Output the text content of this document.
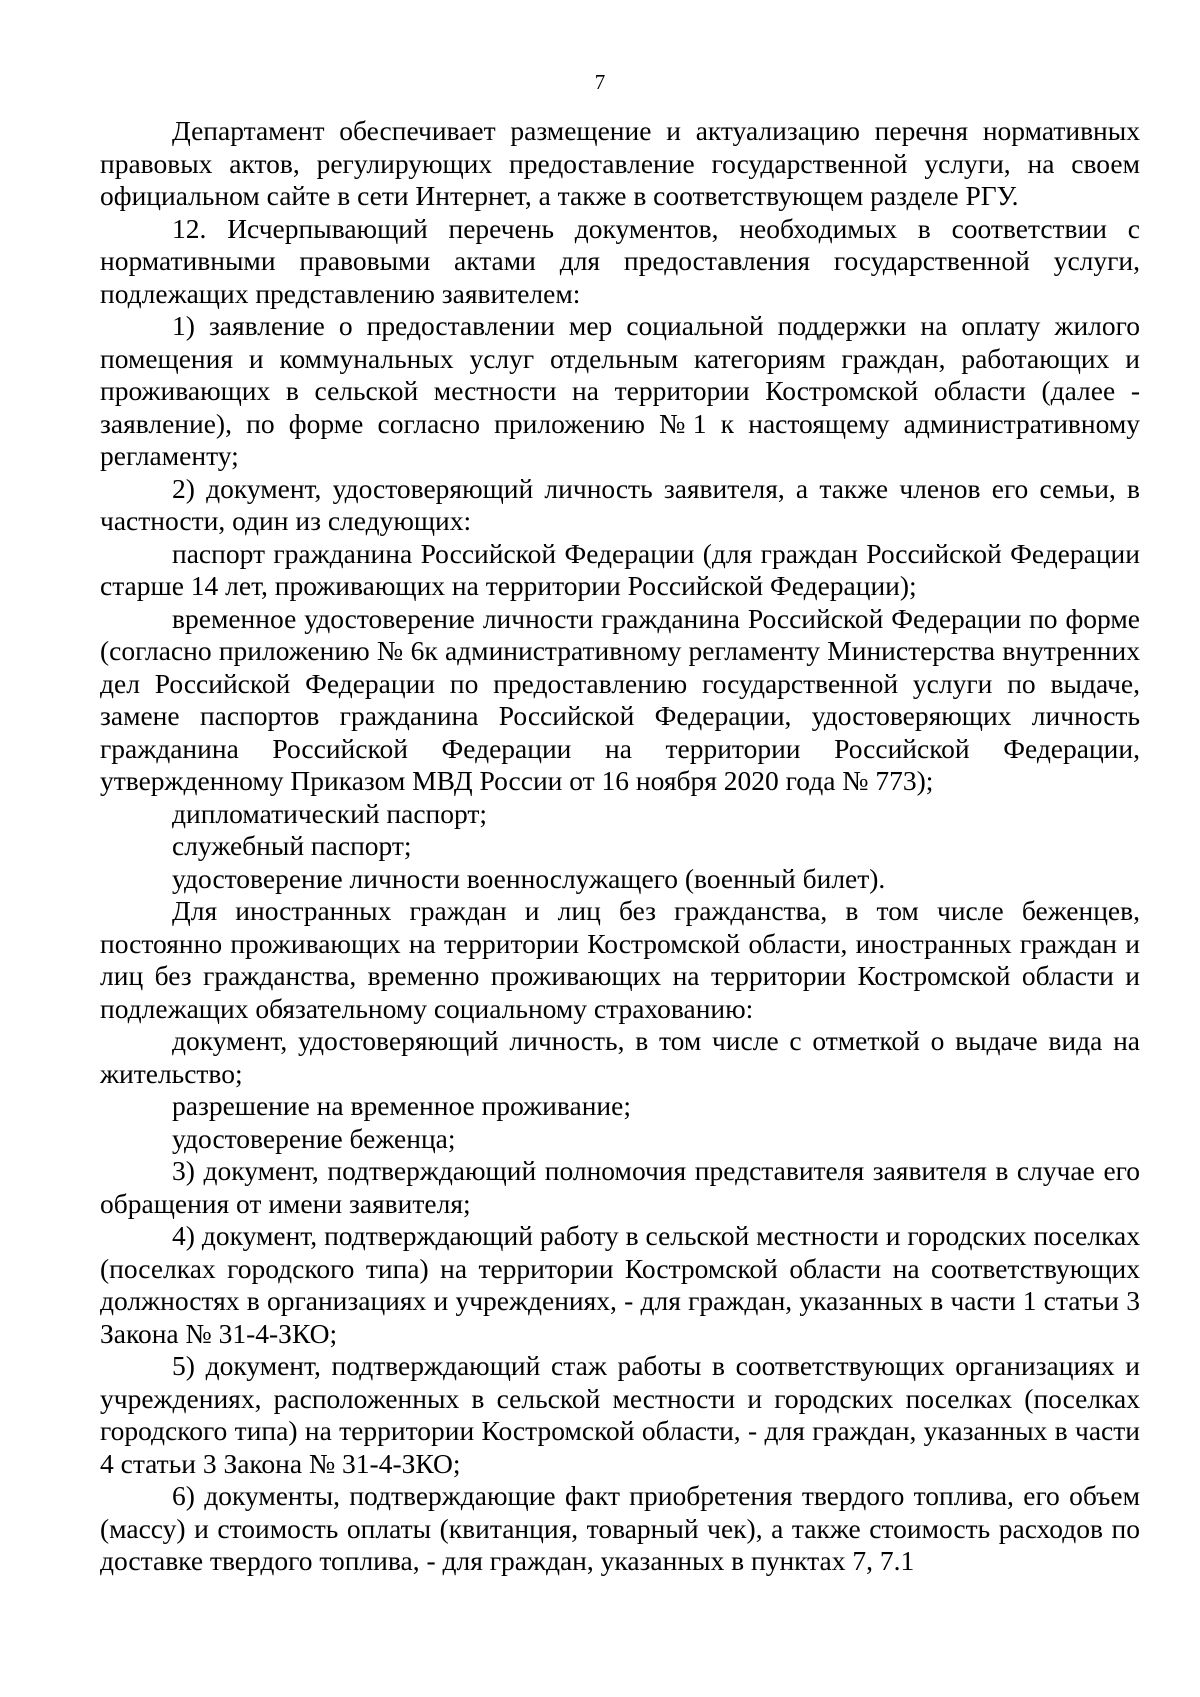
7

Департамент обеспечивает размещение и актуализацию перечня нормативных правовых актов, регулирующих предоставление государственной услуги, на своем официальном сайте в сети Интернет, а также в соответствующем разделе РГУ.

12. Исчерпывающий перечень документов, необходимых в соответствии с нормативными правовыми актами для предоставления государственной услуги, подлежащих представлению заявителем:

1) заявление о предоставлении мер социальной поддержки на оплату жилого помещения и коммунальных услуг отдельным категориям граждан, работающих и проживающих в сельской местности на территории Костромской области (далее - заявление), по форме согласно приложению №1 к настоящему административному регламенту;

2) документ, удостоверяющий личность заявителя, а также членов его семьи, в частности, один из следующих:

паспорт гражданина Российской Федерации (для граждан Российской Федерации старше 14 лет, проживающих на территории Российской Федерации);

временное удостоверение личности гражданина Российской Федерации по форме (согласно приложению № 6к административному регламенту Министерства внутренних дел Российской Федерации по предоставлению государственной услуги по выдаче, замене паспортов гражданина Российской Федерации, удостоверяющих личность гражданина Российской Федерации на территории Российской Федерации, утвержденному Приказом МВД России от 16 ноября 2020 года № 773);

дипломатический паспорт;

служебный паспорт;

удостоверение личности военнослужащего (военный билет).

Для иностранных граждан и лиц без гражданства, в том числе беженцев, постоянно проживающих на территории Костромской области, иностранных граждан и лиц без гражданства, временно проживающих на территории Костромской области и подлежащих обязательному социальному страхованию:

документ, удостоверяющий личность, в том числе с отметкой о выдаче вида на жительство;

разрешение на временное проживание;

удостоверение беженца;

3) документ, подтверждающий полномочия представителя заявителя в случае его обращения от имени заявителя;

4) документ, подтверждающий работу в сельской местности и городских поселках (поселках городского типа) на территории Костромской области на соответствующих должностях в организациях и учреждениях, - для граждан, указанных в части 1 статьи 3 Закона № 31-4-ЗКО;

5) документ, подтверждающий стаж работы в соответствующих организациях и учреждениях, расположенных в сельской местности и городских поселках (поселках городского типа) на территории Костромской области, - для граждан, указанных в части 4 статьи 3 Закона № 31-4-ЗКО;

6) документы, подтверждающие факт приобретения твердого топлива, его объем (массу) и стоимость оплаты (квитанция, товарный чек), а также стоимость расходов по доставке твердого топлива, - для граждан, указанных в пунктах 7, 7.1
